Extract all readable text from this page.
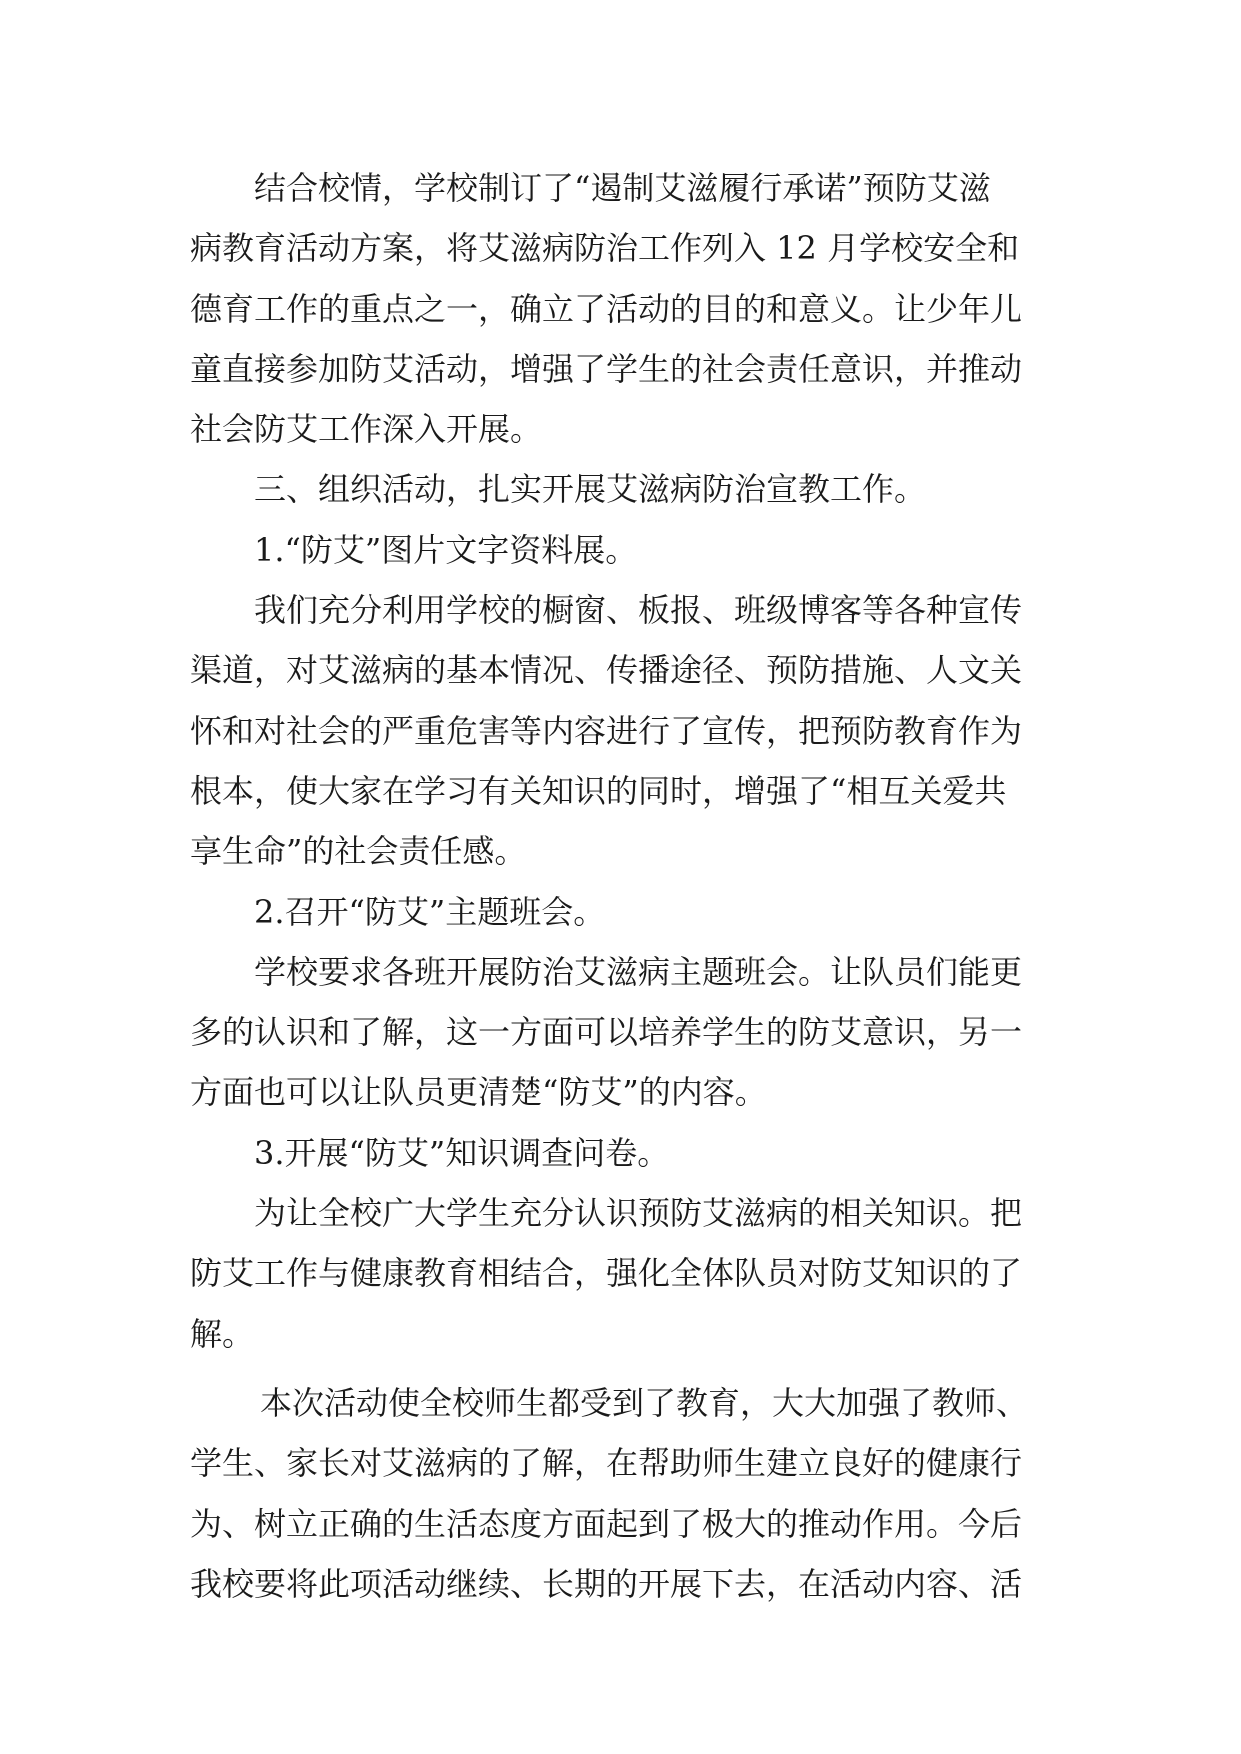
结合校情，学校制订了“遏制艾滋履行承诺”预防艾滋
病教育活动方案，将艾滋病防治工作列入 12 月学校安全和
德育工作的重点之一，确立了活动的目的和意义。让少年儿
童直接参加防艾活动，增强了学生的社会责任意识，并推动
社会防艾工作深入开展。
三、组织活动，扎实开展艾滋病防治宣教工作。
1.“防艾”图片文字资料展。
我们充分利用学校的橱窗、板报、班级博客等各种宣传
渠道，对艾滋病的基本情况、传播途径、预防措施、人文关
怀和对社会的严重危害等内容进行了宣传，把预防教育作为
根本，使大家在学习有关知识的同时，增强了“相互关爱共
享生命”的社会责任感。
2.召开“防艾”主题班会。
学校要求各班开展防治艾滋病主题班会。让队员们能更
多的认识和了解，这一方面可以培养学生的防艾意识，另一
方面也可以让队员更清楚“防艾”的内容。
3.开展“防艾”知识调查问卷。
为让全校广大学生充分认识预防艾滋病的相关知识。把
防艾工作与健康教育相结合，强化全体队员对防艾知识的了
解。
本次活动使全校师生都受到了教育，大大加强了教师、
学生、家长对艾滋病的了解，在帮助师生建立良好的健康行
为、树立正确的生活态度方面起到了极大的推动作用。今后
我校要将此项活动继续、长期的开展下去，在活动内容、活
